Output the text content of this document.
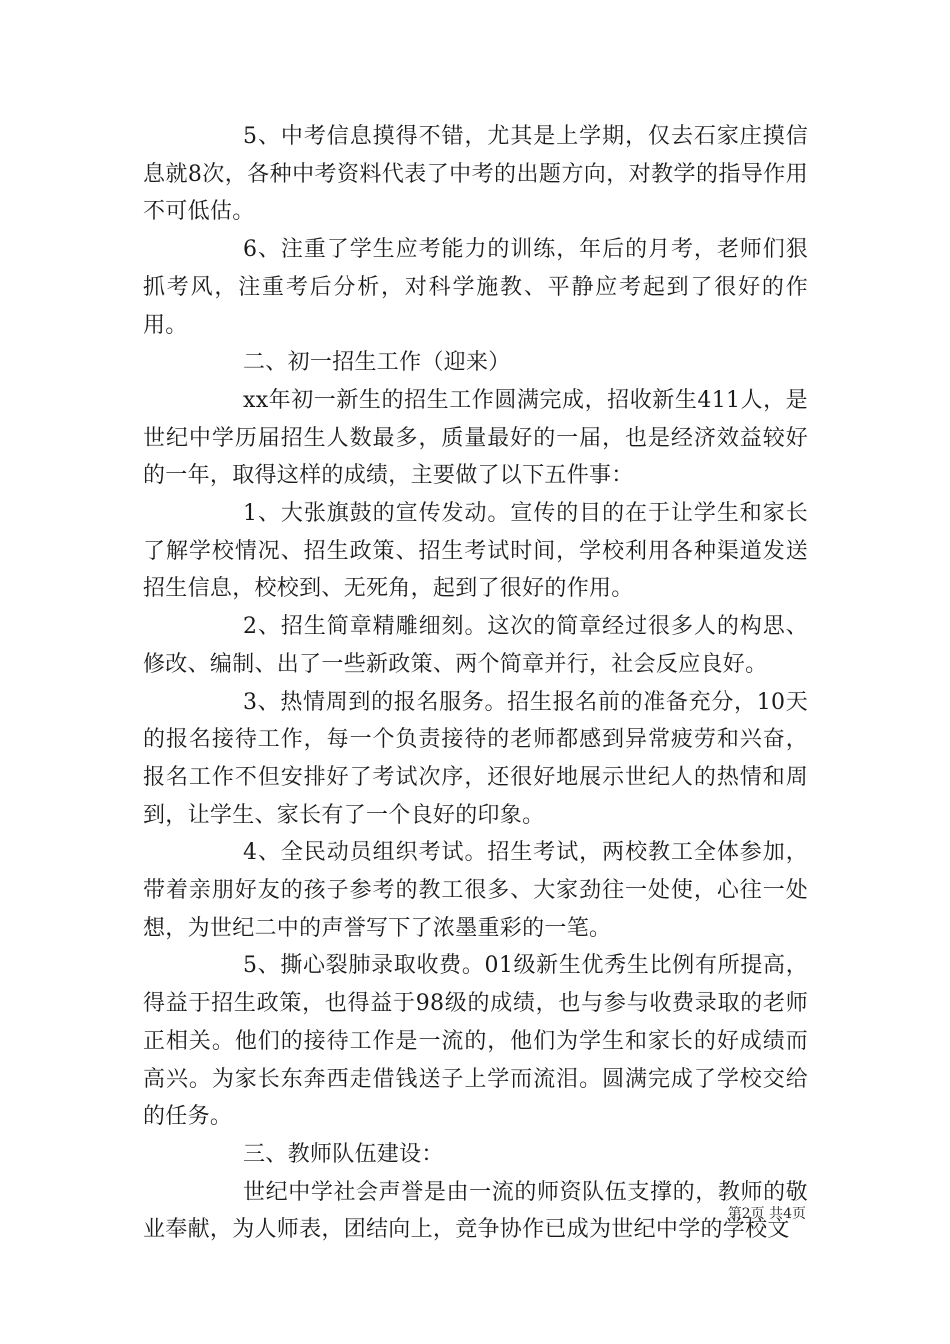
5、中考信息摸得不错，尤其是上学期，仅去石家庄摸信息就8次，各种中考资料代表了中考的出题方向，对教学的指导作用不可低估。

6、注重了学生应考能力的训练，年后的月考，老师们狠抓考风，注重考后分析，对科学施教、平静应考起到了很好的作用。

二、初一招生工作（迎来）

xx年初一新生的招生工作圆满完成，招收新生411人，是世纪中学历届招生人数最多，质量最好的一届，也是经济效益较好的一年，取得这样的成绩，主要做了以下五件事：

1、大张旗鼓的宣传发动。宣传的目的在于让学生和家长了解学校情况、招生政策、招生考试时间，学校利用各种渠道发送招生信息，校校到、无死角，起到了很好的作用。

2、招生简章精雕细刻。这次的简章经过很多人的构思、修改、编制、出了一些新政策、两个简章并行，社会反应良好。

3、热情周到的报名服务。招生报名前的准备充分，10天的报名接待工作，每一个负责接待的老师都感到异常疲劳和兴奋，报名工作不但安排好了考试次序，还很好地展示世纪人的热情和周到，让学生、家长有了一个良好的印象。

4、全民动员组织考试。招生考试，两校教工全体参加，带着亲朋好友的孩子参考的教工很多、大家劲往一处使，心往一处想，为世纪二中的声誉写下了浓墨重彩的一笔。

5、撕心裂肺录取收费。01级新生优秀生比例有所提高，得益于招生政策，也得益于98级的成绩，也与参与收费录取的老师正相关。他们的接待工作是一流的，他们为学生和家长的好成绩而高兴。为家长东奔西走借钱送子上学而流泪。圆满完成了学校交给的任务。

三、教师队伍建设：

世纪中学社会声誉是由一流的师资队伍支撑的，教师的敬业奉献，为人师表，团结向上，竞争协作已成为世纪中学的学校文

第2页 共4页
